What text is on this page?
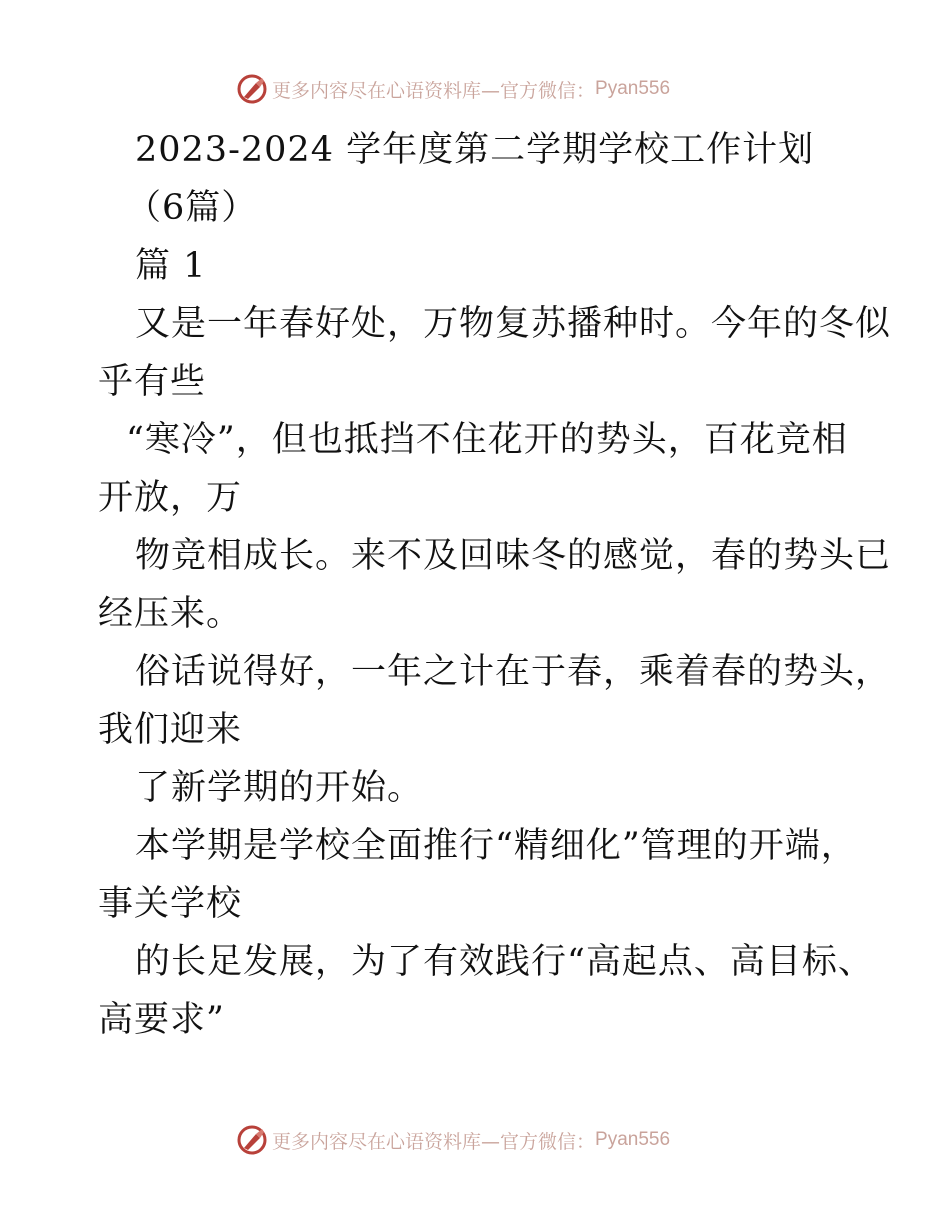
更多内容尽在心语资料库—官方微信： Pyan556
2023-2024 学年度第二学期学校工作计划
（6篇）
篇 1
又是一年春好处，万物复苏播种时。今年的冬似
乎有些
“寒冷”，但也抵挡不住花开的势头，百花竞相
开放，万
物竞相成长。来不及回味冬的感觉，春的势头已
经压来。
俗话说得好，一年之计在于春，乘着春的势头，
我们迎来
了新学期的开始。
本学期是学校全面推行“精细化”管理的开端，
事关学校
的长足发展，为了有效践行“高起点、高目标、
高要求”
更多内容尽在心语资料库—官方微信： Pyan556
